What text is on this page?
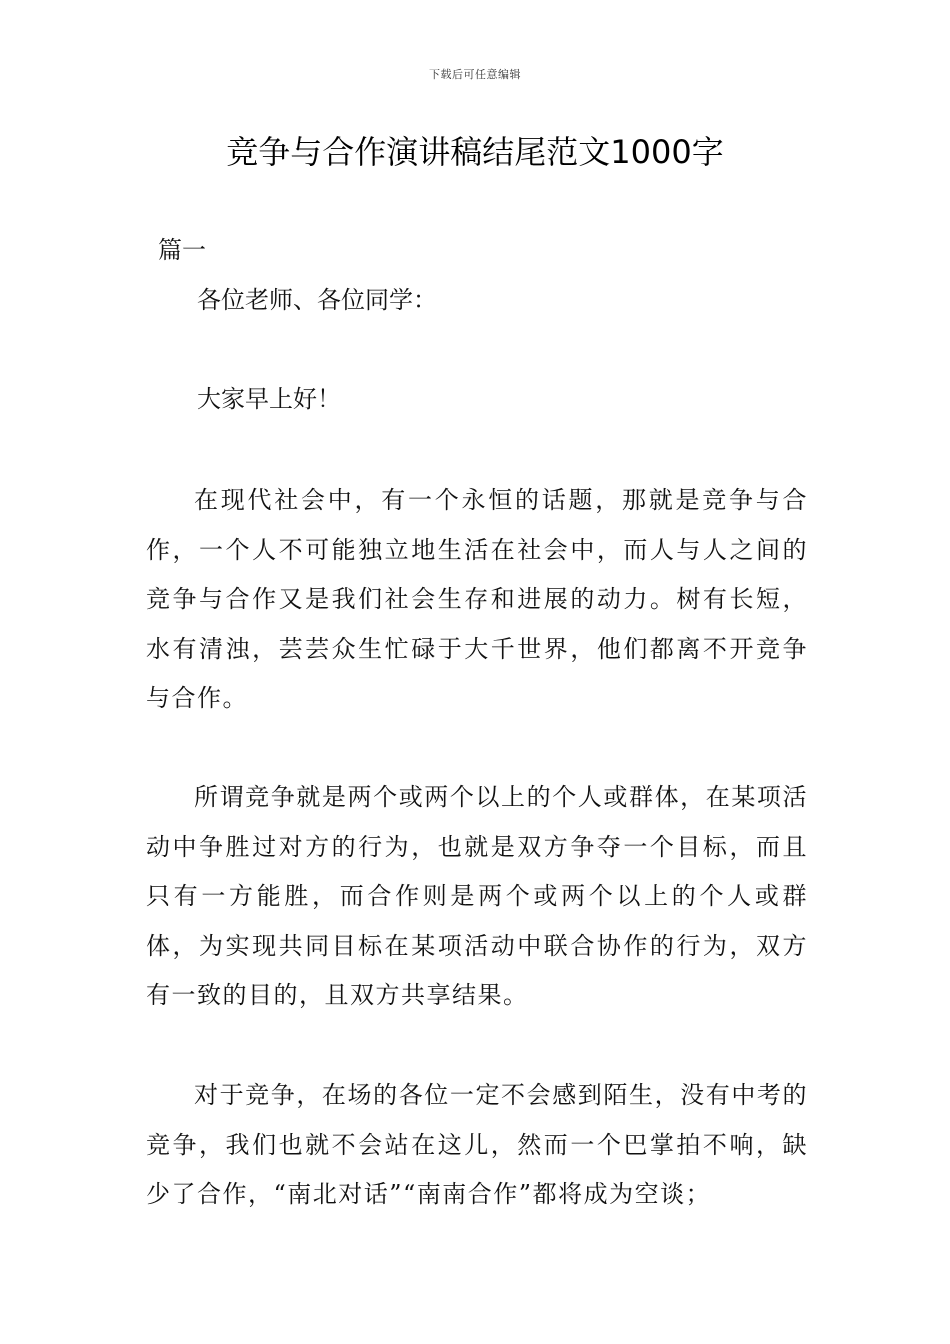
下载后可任意编辑
竞争与合作演讲稿结尾范文1000字
篇一
各位老师、各位同学：
大家早上好！

在现代社会中，有一个永恒的话题，那就是竞争与合作，一个人不可能独立地生活在社会中，而人与人之间的竞争与合作又是我们社会生存和进展的动力。树有长短，水有清浊，芸芸众生忙碌于大千世界，他们都离不开竞争与合作。

所谓竞争就是两个或两个以上的个人或群体，在某项活动中争胜过对方的行为，也就是双方争夺一个目标，而且只有一方能胜，而合作则是两个或两个以上的个人或群体，为实现共同目标在某项活动中联合协作的行为，双方有一致的目的，且双方共享结果。

对于竞争，在场的各位一定不会感到陌生，没有中考的竞争，我们也就不会站在这儿，然而一个巴掌拍不响，缺少了合作，“南北对话”“南南合作”都将成为空谈；
